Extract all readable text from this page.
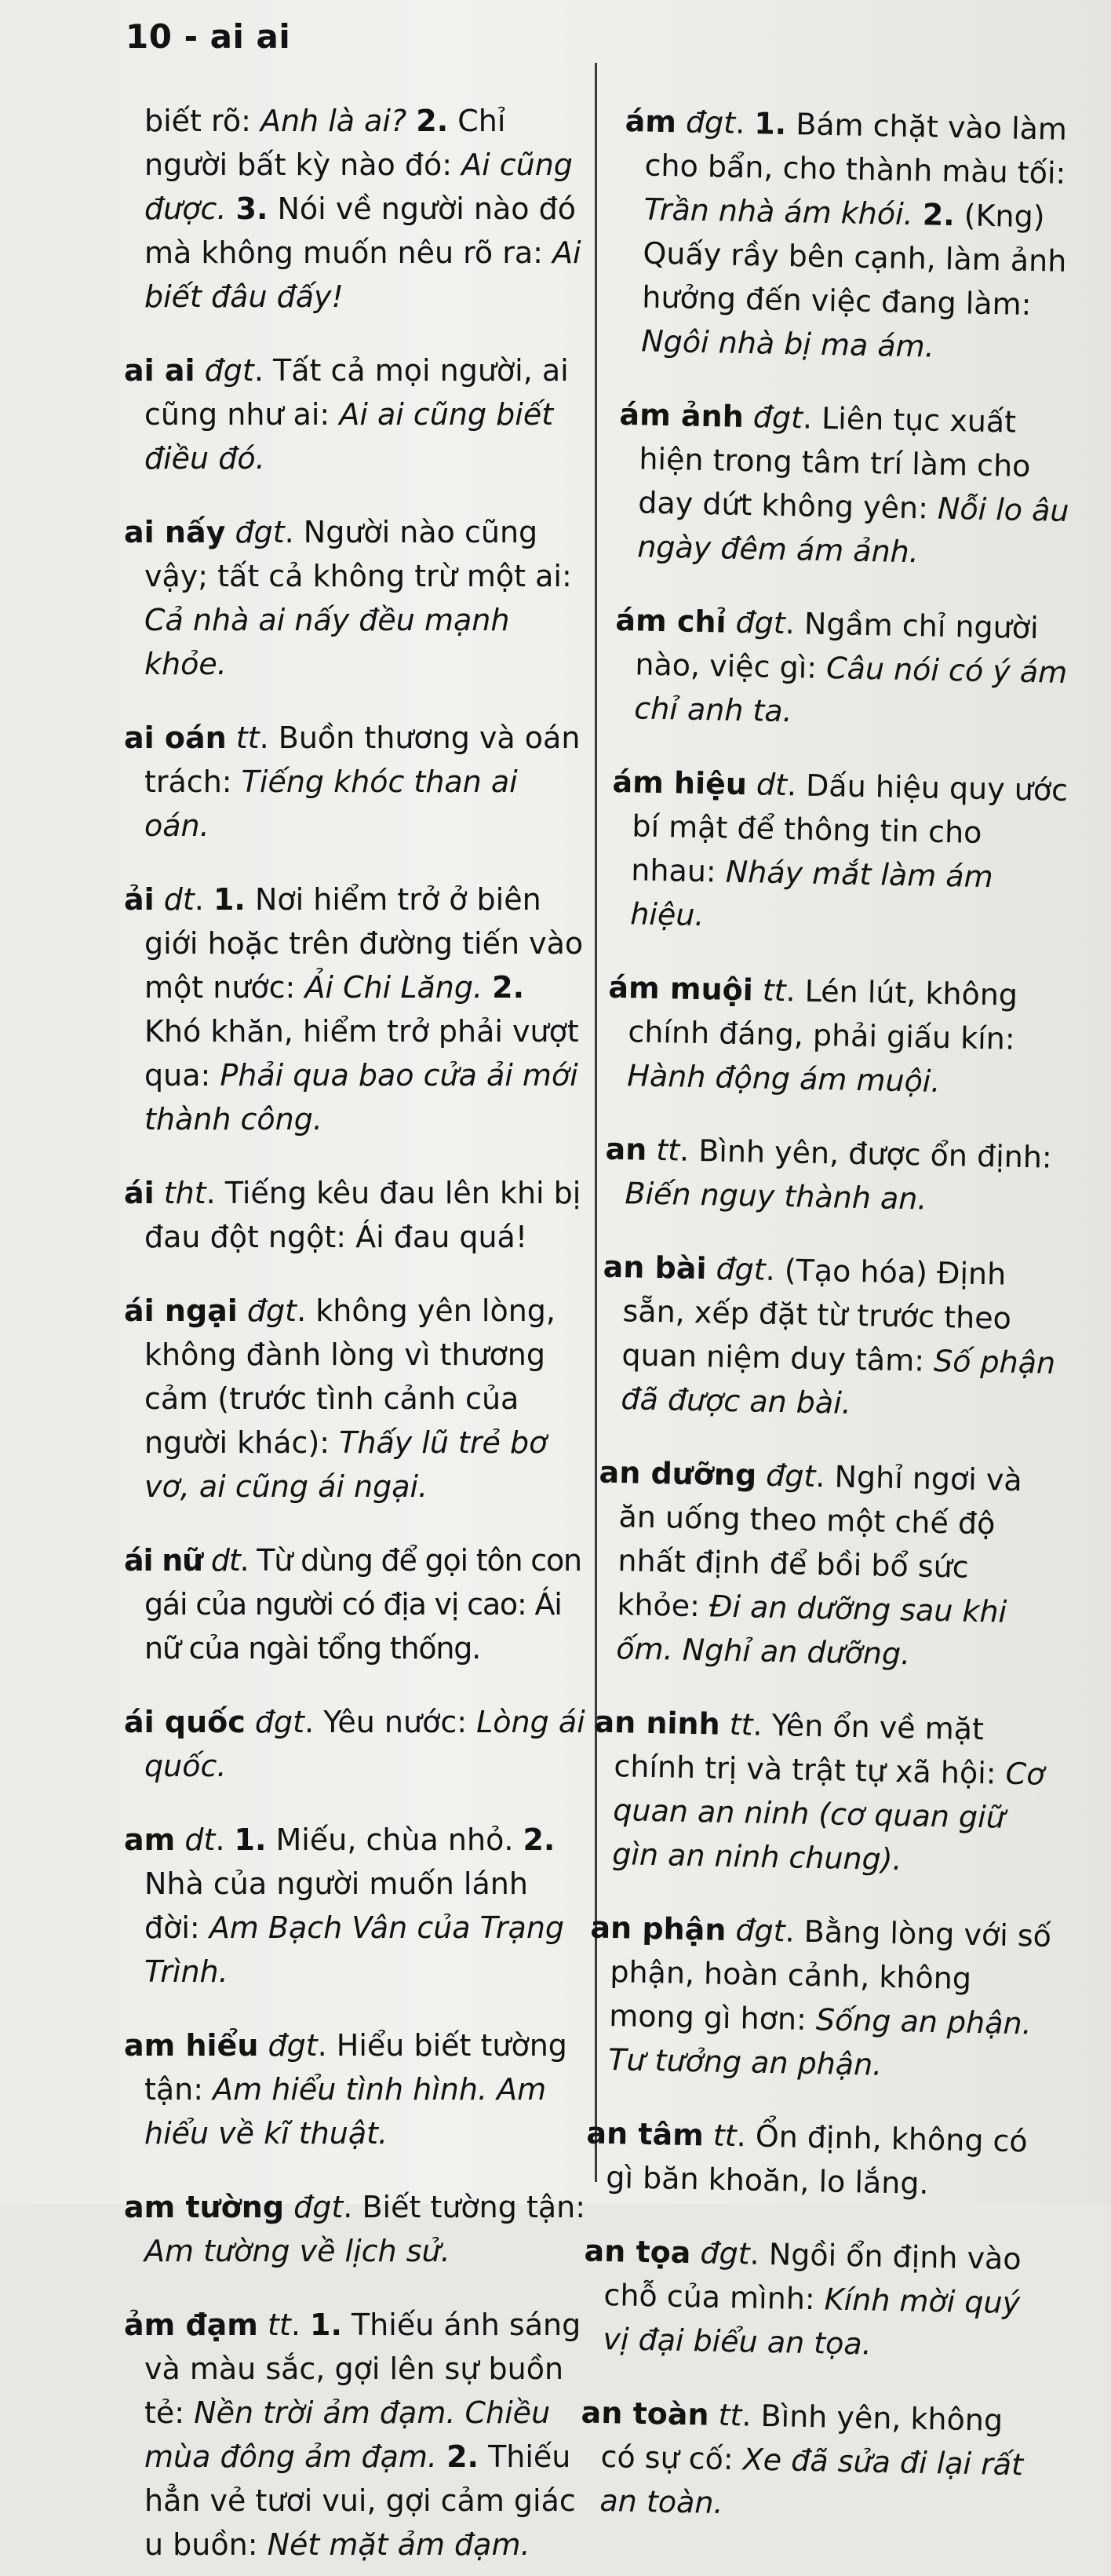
10 - ai ai

biết rõ: Anh là ai? 2. Chỉ người bất kỳ nào đó: Ai cũng được. 3. Nói về người nào đó mà không muốn nêu rõ ra: Ai biết đâu đấy!

ai ai đgt. Tất cả mọi người, ai cũng như ai: Ai ai cũng biết điều đó.

ai nấy đgt. Người nào cũng vậy; tất cả không trừ một ai: Cả nhà ai nấy đều mạnh khỏe.

ai oán tt. Buồn thương và oán trách: Tiếng khóc than ai oán.

ải dt. 1. Nơi hiểm trở ở biên giới hoặc trên đường tiến vào một nước: Ải Chi Lăng. 2. Khó khăn, hiểm trở phải vượt qua: Phải qua bao cửa ải mới thành công.

ái tht. Tiếng kêu đau lên khi bị đau đột ngột: Ái đau quá!

ái ngại đgt. không yên lòng, không đành lòng vì thương cảm (trước tình cảnh của người khác): Thấy lũ trẻ bơ vơ, ai cũng ái ngại.

ái nữ dt. Từ dùng để gọi tôn con gái của người có địa vị cao: Ái nữ của ngài tổng thống.

ái quốc đgt. Yêu nước: Lòng ái quốc.

am dt. 1. Miếu, chùa nhỏ. 2. Nhà của người muốn lánh đời: Am Bạch Vân của Trạng Trình.

am hiểu đgt. Hiểu biết tường tận: Am hiểu tình hình. Am hiểu về kĩ thuật.

am tường đgt. Biết tường tận: Am tường về lịch sử.

ảm đạm tt. 1. Thiếu ánh sáng và màu sắc, gợi lên sự buồn tẻ: Nền trời ảm đạm. Chiều mùa đông ảm đạm. 2. Thiếu hẳn vẻ tươi vui, gợi cảm giác u buồn: Nét mặt ảm đạm.

ám đgt. 1. Bám chặt vào làm cho bẩn, cho thành màu tối: Trần nhà ám khói. 2. (Kng) Quấy rầy bên cạnh, làm ảnh hưởng đến việc đang làm: Ngôi nhà bị ma ám.

ám ảnh đgt. Liên tục xuất hiện trong tâm trí làm cho day dứt không yên: Nỗi lo âu ngày đêm ám ảnh.

ám chỉ đgt. Ngầm chỉ người nào, việc gì: Câu nói có ý ám chỉ anh ta.

ám hiệu dt. Dấu hiệu quy ước bí mật để thông tin cho nhau: Nháy mắt làm ám hiệu.

ám muội tt. Lén lút, không chính đáng, phải giấu kín: Hành động ám muội.

an tt. Bình yên, được ổn định: Biến nguy thành an.

an bài đgt. (Tạo hóa) Định sẵn, xếp đặt từ trước theo quan niệm duy tâm: Số phận đã được an bài.

an dưỡng đgt. Nghỉ ngơi và ăn uống theo một chế độ nhất định để bồi bổ sức khỏe: Đi an dưỡng sau khi ốm. Nghỉ an dưỡng.

an ninh tt. Yên ổn về mặt chính trị và trật tự xã hội: Cơ quan an ninh (cơ quan giữ gìn an ninh chung).

an phận đgt. Bằng lòng với số phận, hoàn cảnh, không mong gì hơn: Sống an phận. Tư tưởng an phận.

an tâm tt. Ổn định, không có gì băn khoăn, lo lắng.

an tọa đgt. Ngồi ổn định vào chỗ của mình: Kính mời quý vị đại biểu an tọa.

an toàn tt. Bình yên, không có sự cố: Xe đã sửa đi lại rất an toàn.
